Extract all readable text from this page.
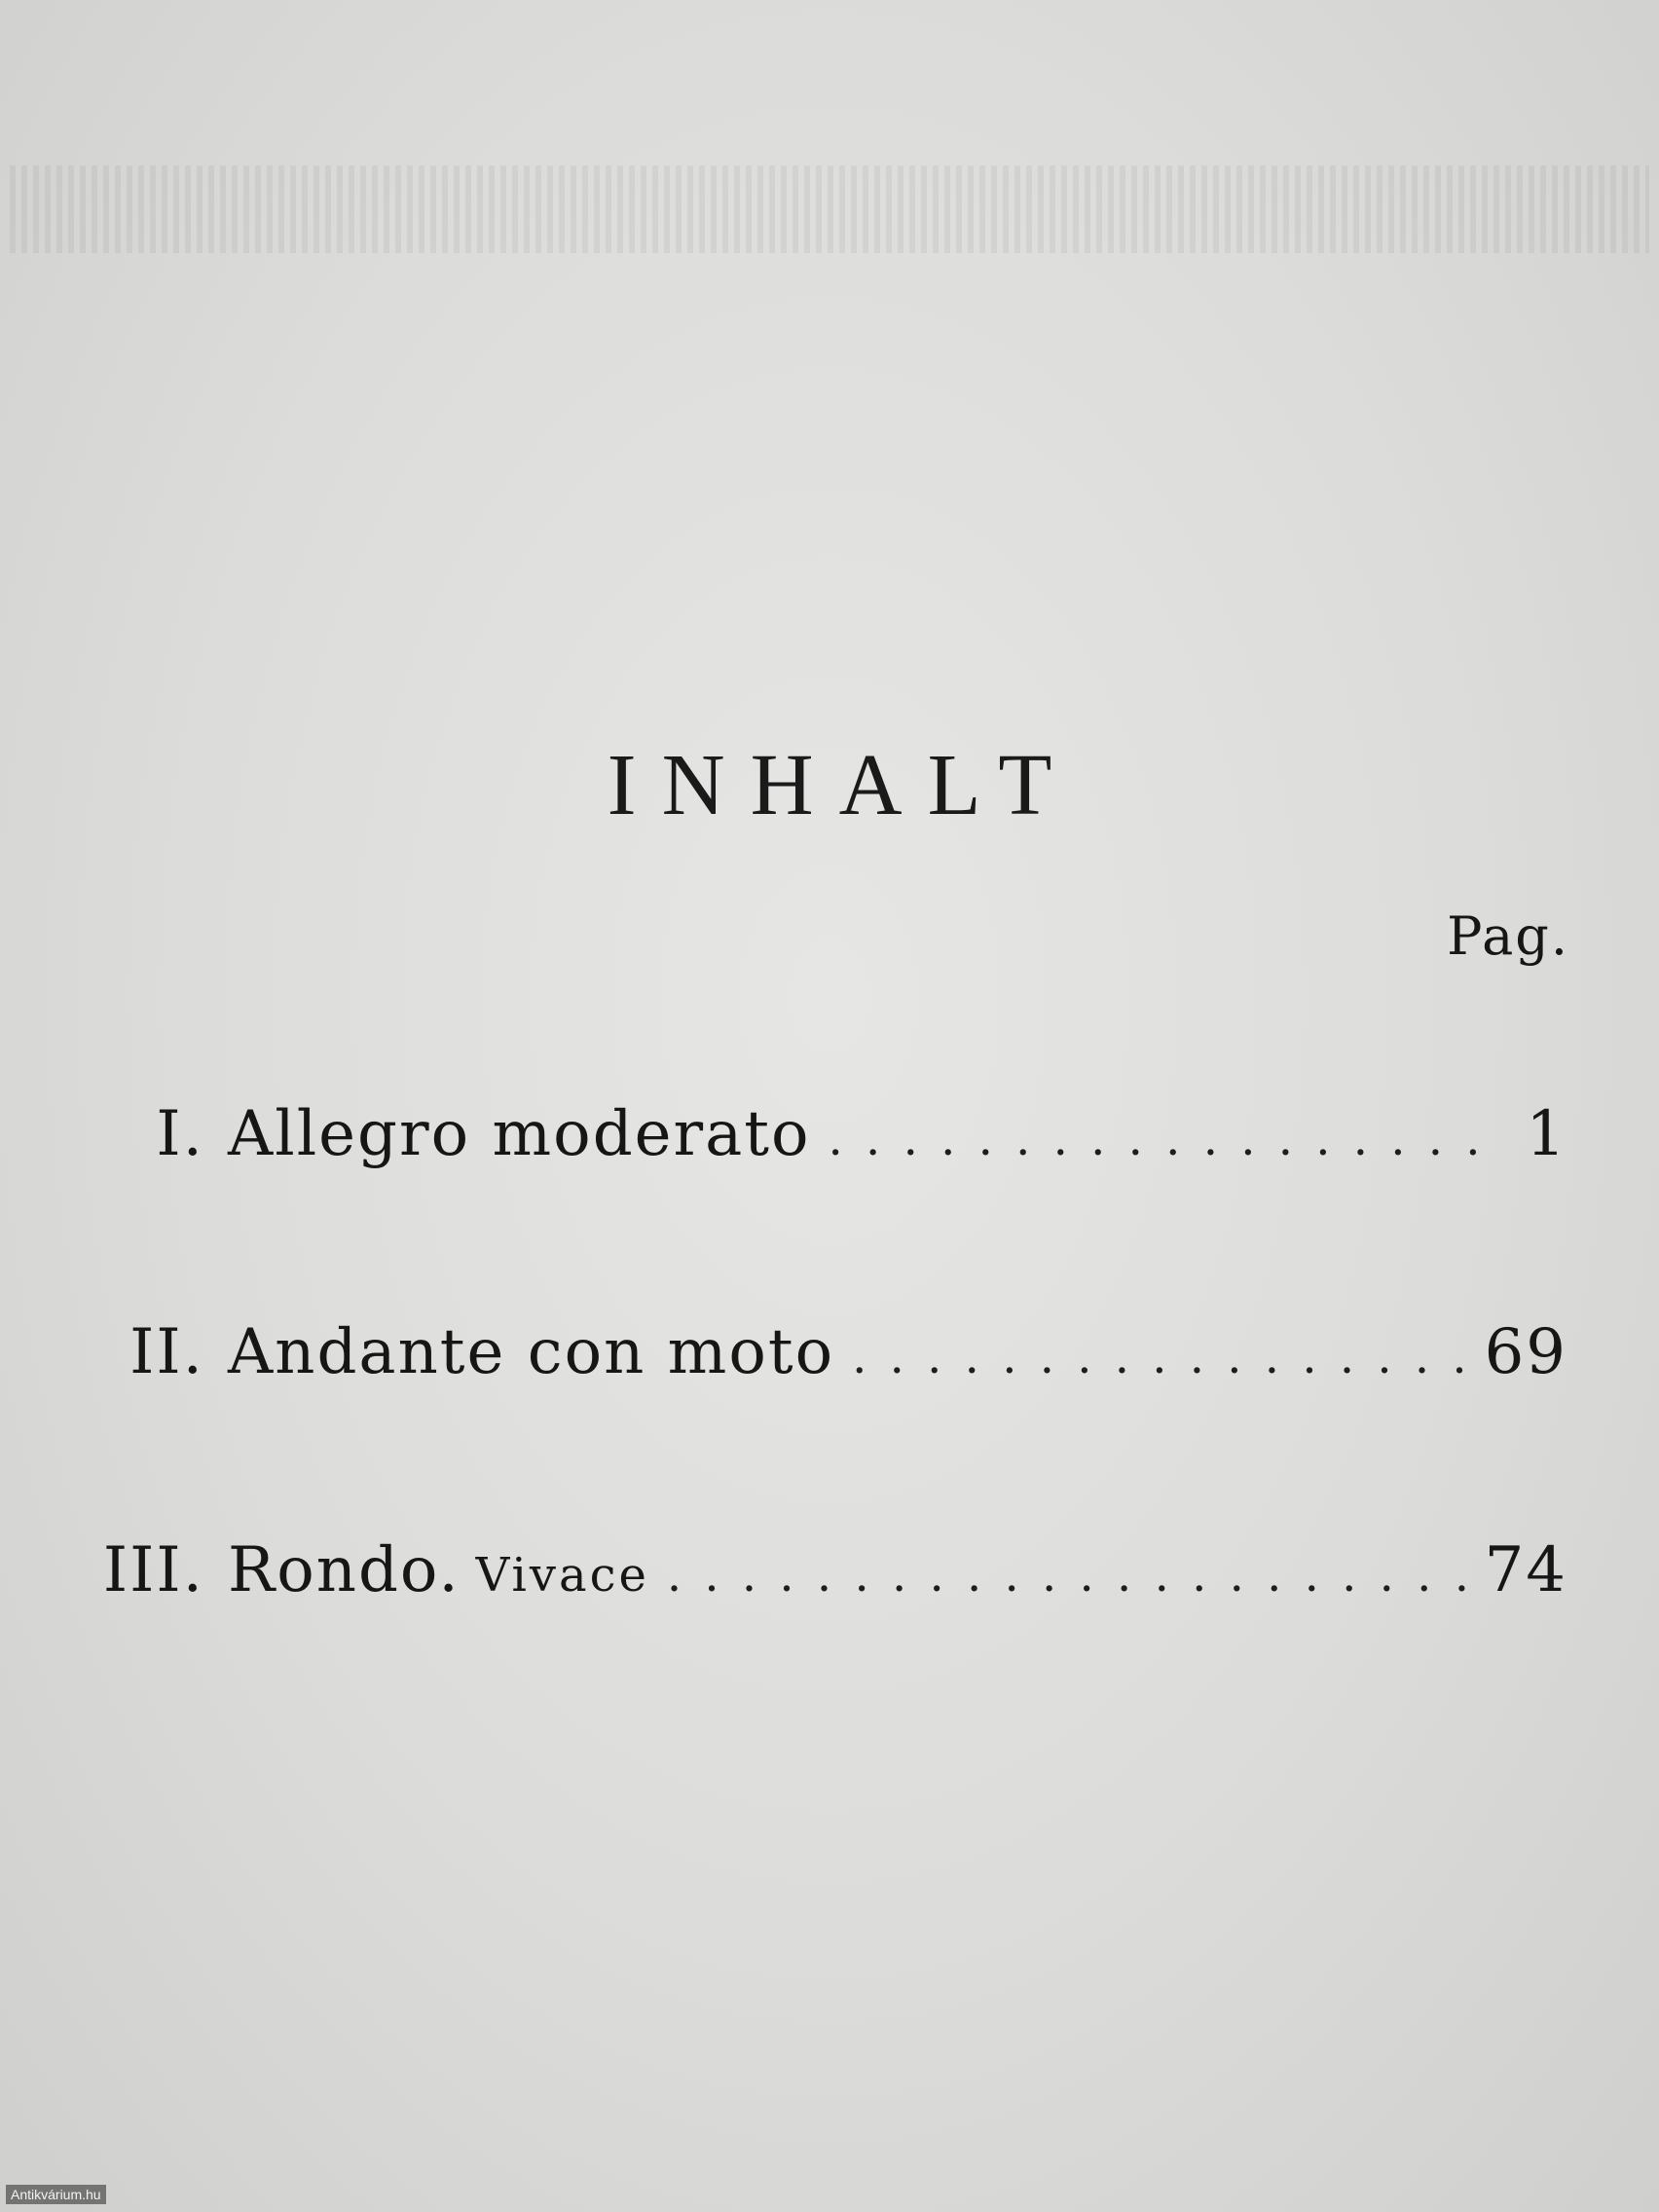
INHALT
Pag.
I. Allegro moderato . . .	1
II. Andante con moto . . .	69
III. Rondo. Vivace . . .	74
Antikvárium.hu
